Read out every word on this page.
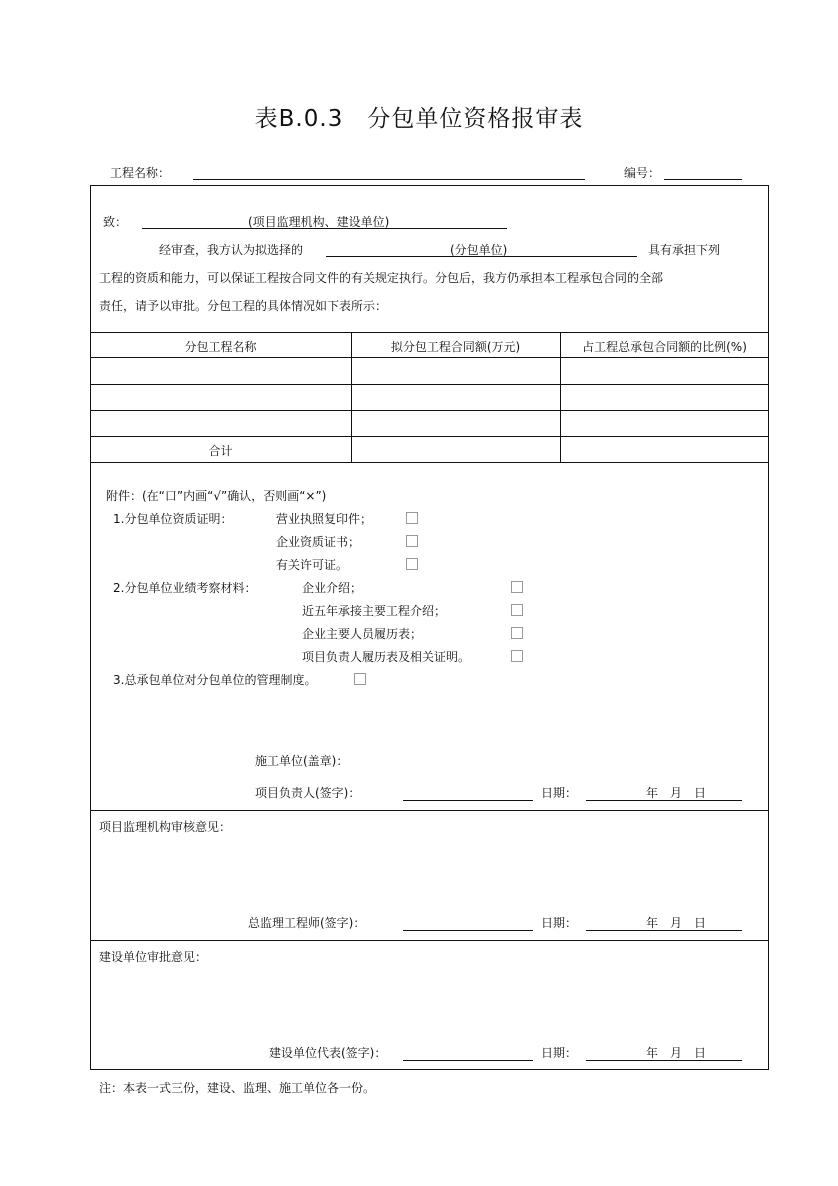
表B.0.3　分包单位资格报审表
工程名称：	编号：
致：	(项目监理机构、建设单位)
经审查，我方认为拟选择的	(分包单位)	具有承担下列
工程的资质和能力，可以保证工程按合同文件的有关规定执行。分包后，我方仍承担本工程承包合同的全部
责任，请予以审批。分包工程的具体情况如下表所示：
分包工程名称	拟分包工程合同额(万元)	占工程总承包合同额的比例(%)
合计
附件：(在“口”内画“√”确认，否则画“×”)
1.分包单位资质证明：	营业执照复印件；
企业资质证书；
有关许可证。
2.分包单位业绩考察材料：	企业介绍；
近五年承接主要工程介绍；
企业主要人员履历表；
项目负责人履历表及相关证明。
3.总承包单位对分包单位的管理制度。
施工单位(盖章)：
项目负责人(签字)：	日期：	年　月　日
项目监理机构审核意见：
总监理工程师(签字)：	日期：	年　月　日
建设单位审批意见：
建设单位代表(签字)：	日期：	年　月　日
注：本表一式三份，建设、监理、施工单位各一份。
